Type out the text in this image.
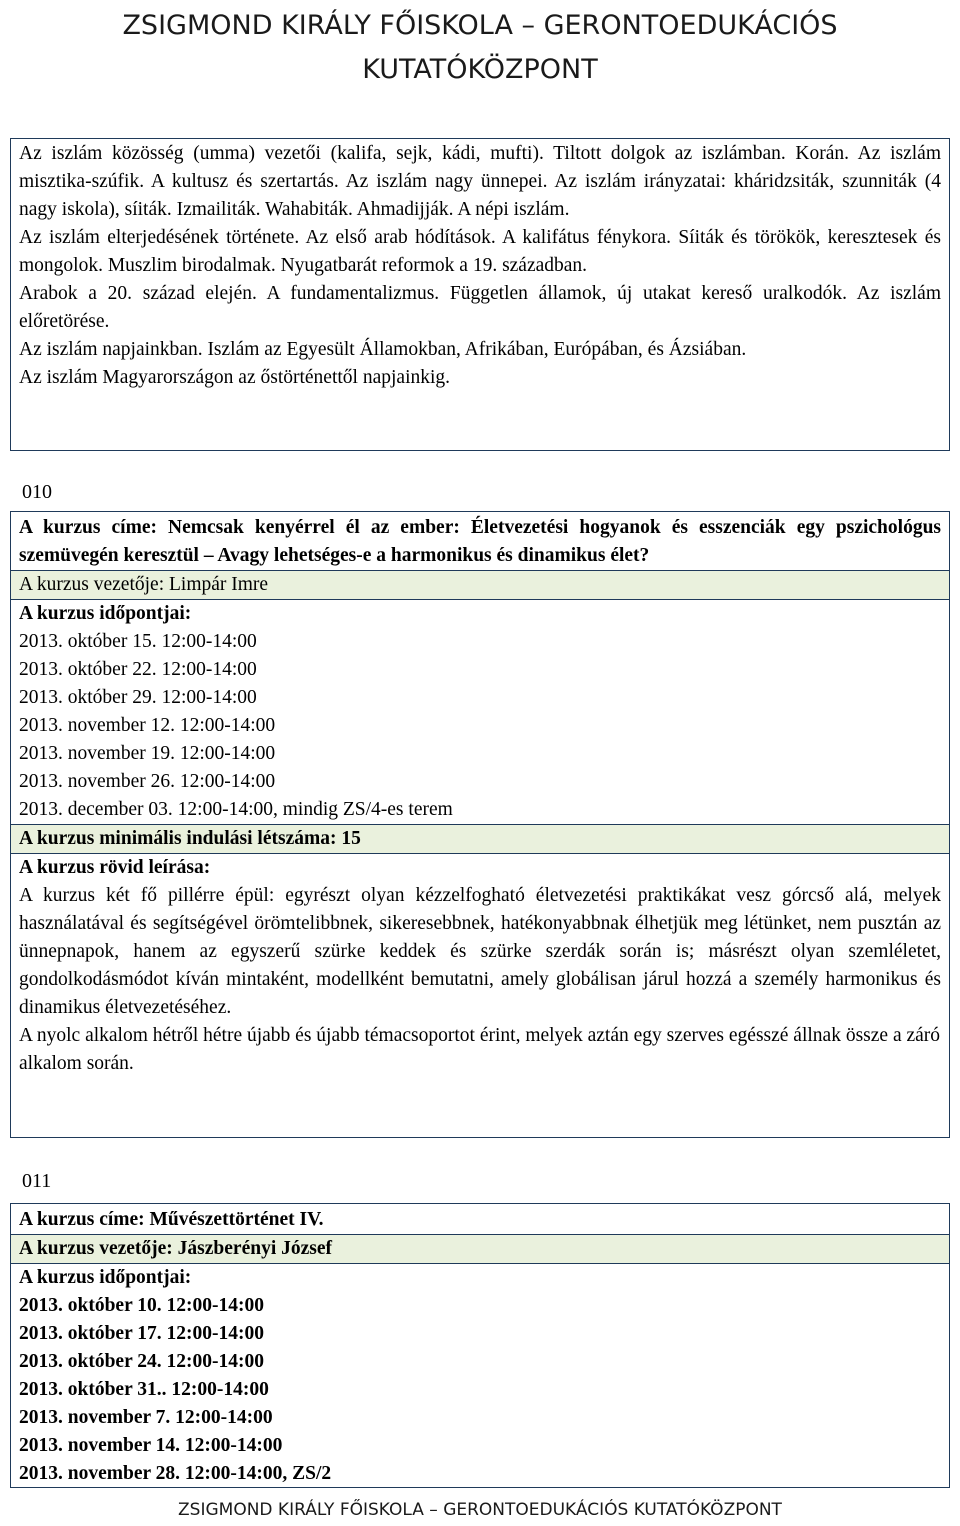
ZSIGMOND KIRÁLY FŐISKOLA – GERONTOEDUKÁCIÓS
KUTATÓKÖZPONT

Az iszlám közösség (umma) vezetői (kalifa, sejk, kádi, mufti). Tiltott dolgok az iszlámban. Korán. Az iszlám misztika-szúfik. A kultusz és szertartás. Az iszlám nagy ünnepei. Az iszlám irányzatai: kháridzsiták, szunniták (4 nagy iskola), síiták. Izmailiták. Wahabiták. Ahmadijják. A népi iszlám.

Az iszlám elterjedésének története. Az első arab hódítások. A kalifátus fénykora. Síiták és törökök, keresztesek és mongolok. Muszlim birodalmak. Nyugatbarát reformok a 19. században.

Arabok a 20. század elején. A fundamentalizmus. Független államok, új utakat kereső uralkodók. Az iszlám előretörése.

Az iszlám napjainkban. Iszlám az Egyesült Államokban, Afrikában, Európában, és Ázsiában.

Az iszlám Magyarországon az őstörténettől napjainkig.

010

A kurzus címe: Nemcsak kenyérrel él az ember: Életvezetési hogyanok és esszenciák egy pszichológus szemüvegén keresztül – Avagy lehetséges-e a harmonikus és dinamikus élet?

A kurzus vezetője: Limpár Imre

A kurzus időpontjai:

2013. október 15. 12:00-14:00

2013. október 22. 12:00-14:00

2013. október 29. 12:00-14:00

2013. november 12. 12:00-14:00

2013. november 19. 12:00-14:00

2013. november 26. 12:00-14:00

2013. december 03. 12:00-14:00, mindig ZS/4-es terem

A kurzus minimális indulási létszáma: 15

A kurzus rövid leírása:

A kurzus két fő pillérre épül: egyrészt olyan kézzelfogható életvezetési praktikákat vesz górcső alá, melyek használatával és segítségével örömtelibbnek, sikeresebbnek, hatékonyabbnak élhetjük meg létünket, nem pusztán az ünnepnapok, hanem az egyszerű szürke keddek és szürke szerdák során is; másrészt olyan szemléletet, gondolkodásmódot kíván mintaként, modellként bemutatni, amely globálisan járul hozzá a személy harmonikus és dinamikus életvezetéséhez.

A nyolc alkalom hétről hétre újabb és újabb témacsoportot érint, melyek aztán egy szerves egésszé állnak össze a záró alkalom során.

011

A kurzus címe: Művészettörténet IV.

A kurzus vezetője: Jászberényi József

A kurzus időpontjai:

2013. október 10. 12:00-14:00

2013. október 17. 12:00-14:00

2013. október 24. 12:00-14:00

2013. október 31.. 12:00-14:00

2013. november 7. 12:00-14:00

2013. november 14. 12:00-14:00

2013. november 28. 12:00-14:00, ZS/2

ZSIGMOND KIRÁLY FŐISKOLA – GERONTOEDUKÁCIÓS KUTATÓKÖZPONT
